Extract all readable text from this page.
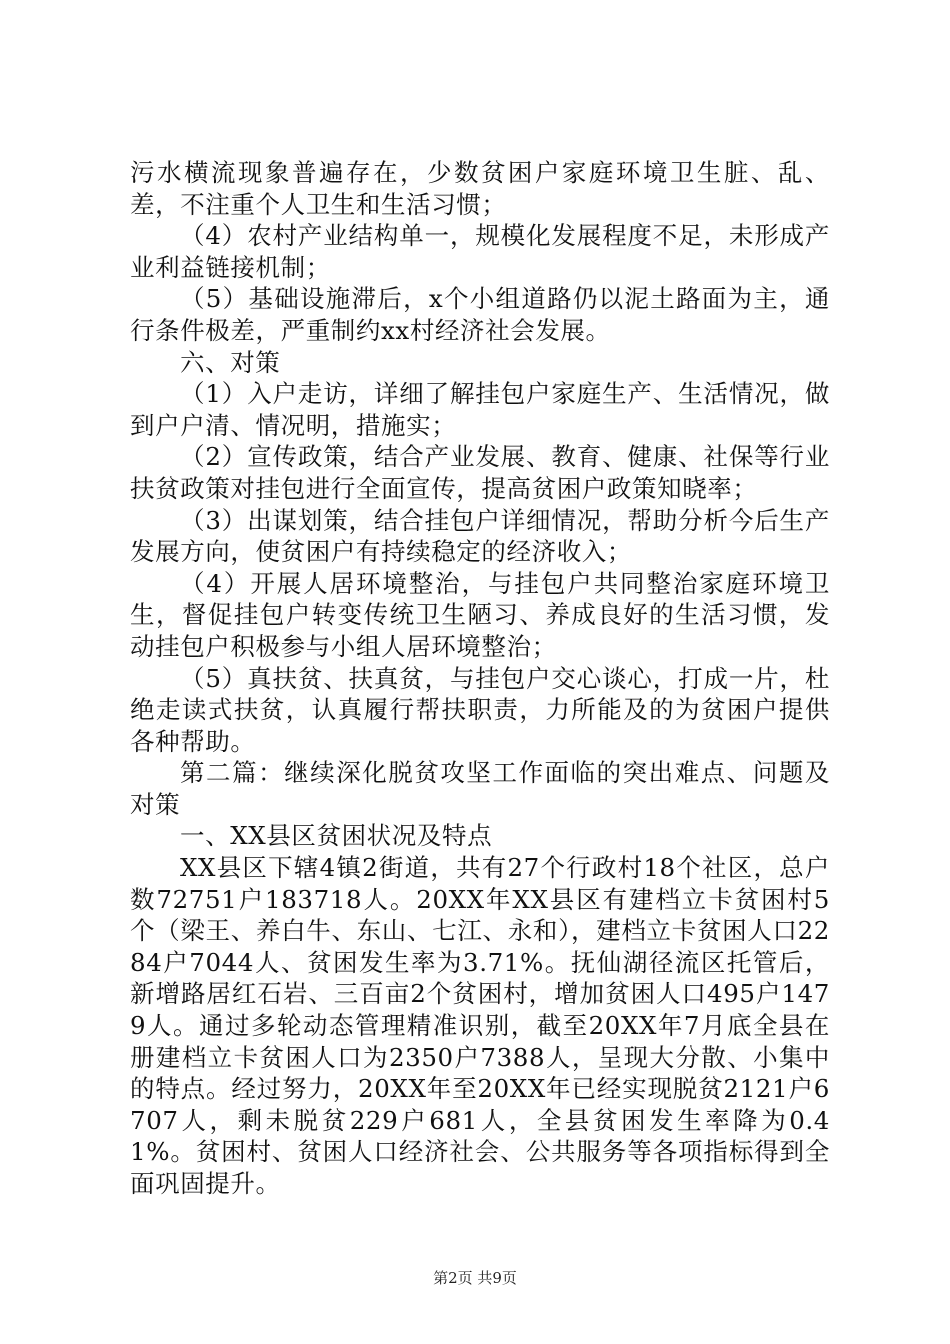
污水横流现象普遍存在，少数贫困户家庭环境卫生脏、乱、差，不注重个人卫生和生活习惯；

（4）农村产业结构单一，规模化发展程度不足，未形成产业利益链接机制；

（5）基础设施滞后，x个小组道路仍以泥土路面为主，通行条件极差，严重制约xx村经济社会发展。

六、对策

（1）入户走访，详细了解挂包户家庭生产、生活情况，做到户户清、情况明，措施实；

（2）宣传政策，结合产业发展、教育、健康、社保等行业扶贫政策对挂包进行全面宣传，提高贫困户政策知晓率；

（3）出谋划策，结合挂包户详细情况，帮助分析今后生产发展方向，使贫困户有持续稳定的经济收入；

（4）开展人居环境整治，与挂包户共同整治家庭环境卫生，督促挂包户转变传统卫生陋习、养成良好的生活习惯，发动挂包户积极参与小组人居环境整治；

（5）真扶贫、扶真贫，与挂包户交心谈心，打成一片，杜绝走读式扶贫，认真履行帮扶职责，力所能及的为贫困户提供各种帮助。

第二篇：继续深化脱贫攻坚工作面临的突出难点、问题及对策

一、XX县区贫困状况及特点

XX县区下辖4镇2街道，共有27个行政村18个社区，总户数72751户183718人。20XX年XX县区有建档立卡贫困村5个（梁王、养白牛、东山、七江、永和），建档立卡贫困人口2284户7044人、贫困发生率为3.71%。抚仙湖径流区托管后，新增路居红石岩、三百亩2个贫困村，增加贫困人口495户1479人。通过多轮动态管理精准识别，截至20XX年7月底全县在册建档立卡贫困人口为2350户7388人，呈现大分散、小集中的特点。经过努力，20XX年至20XX年已经实现脱贫2121户6707人，剩未脱贫229户681人，全县贫困发生率降为0.41%。贫困村、贫困人口经济社会、公共服务等各项指标得到全面巩固提升。

第2页 共9页
